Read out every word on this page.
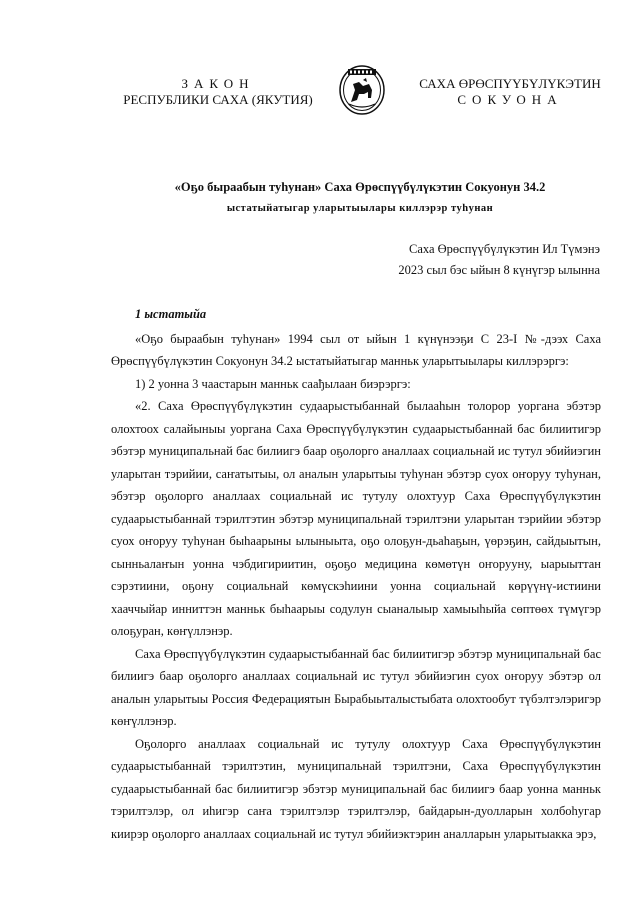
ЗАКОН
РЕСПУБЛИКИ САХА (ЯКУТИЯ)
САХА ӨРӨСПҮҮБҮЛҮКЭТИН
СОКУОНА
«Оҕо быраабын туһунан» Саха Өрөспүүбүлүкэтин Сокуонун 34.2
ыстатыйатыгар уларытыылары киллэрэр туһунан
Саха Өрөспүүбүлүкэтин Ил Түмэнэ
2023 сыл бэс ыйын 8 күнүгэр ылынна

1 ыстатыйа

«Оҕо быраабын туһунан» 1994 сыл от ыйын 1 күнүнээҕи С 23-I №-дээх Саха Өрөспүүбүлүкэтин Сокуонун 34.2 ыстатыйатыгар манньк уларытыылары киллэрэргэ:

1) 2 уонна 3 чаастарын манньк саађылаан биэрэргэ:

«2. Саха Өрөспүүбүлүкэтин судаарыстыбаннай былааһын толорор уоргана эбэтэр олохтоох салайыныы уоргана Саха Өрөспүүбүлүкэтин судаарыстыбаннай бас билиитигэр эбэтэр муниципальнай бас билиигэ баар оҕолорго аналлаах социальнай ис тутул эбийиэгин уларытан тэрийии, саҥатытыы, ол аналын уларытыы туһунан эбэтэр суох оҥоруу туһунан, эбэтэр оҕолорго аналлаах социальнай ис тутулу олохтуур Саха Өрөспүүбүлүкэтин судаарыстыбаннай тэрилтэтин эбэтэр муниципальнай тэрилтэни уларытан тэрийии эбэтэр суох оҥоруу туһунан быһаарыны ылыныыта, оҕо олоҕун-дьаһаҕын, үөрэҕин, сайдыытын, сынньалаҥын уонна чэбдигириитин, оҕоҕо медицина көмөтүн оҥорууну, ыарыыттан сэрэтиини, оҕону социальнай көмүскэһиини уонна социальнай көрүүнү-истиини хааччыйар инниттэн манньк быһаарыы содулун сыаналыыр хамыыһыйа сөптөөх түмүгэр олоҕуран, көҥүллэнэр.

Саха Өрөспүүбүлүкэтин судаарыстыбаннай бас билиитигэр эбэтэр муниципальнай бас билиигэ баар оҕолорго аналлаах социальнай ис тутул эбийиэгин суох оҥоруу эбэтэр ол аналын уларытыы Россия Федерациятын Бырабыыталыстыбата олохтообут түбэлтэлэригэр көҥүллэнэр.

Оҕолорго аналлаах социальнай ис тутулу олохтуур Саха Өрөспүүбүлүкэтин судаарыстыбаннай тэрилтэтин, муниципальнай тэрилтэни, Саха Өрөспүүбүлүкэтин судаарыстыбаннай бас билиитигэр эбэтэр муниципальнай бас билиигэ баар уонна манньк тэрилтэлэр, ол иһигэр саҥа тэрилтэлэр тэрилтэлэр, байдарын-дуолларын холбоһугар киирэр оҕолорго аналлаах социальнай ис тутул эбийиэктэрин аналларын уларытыакка эрэ,
